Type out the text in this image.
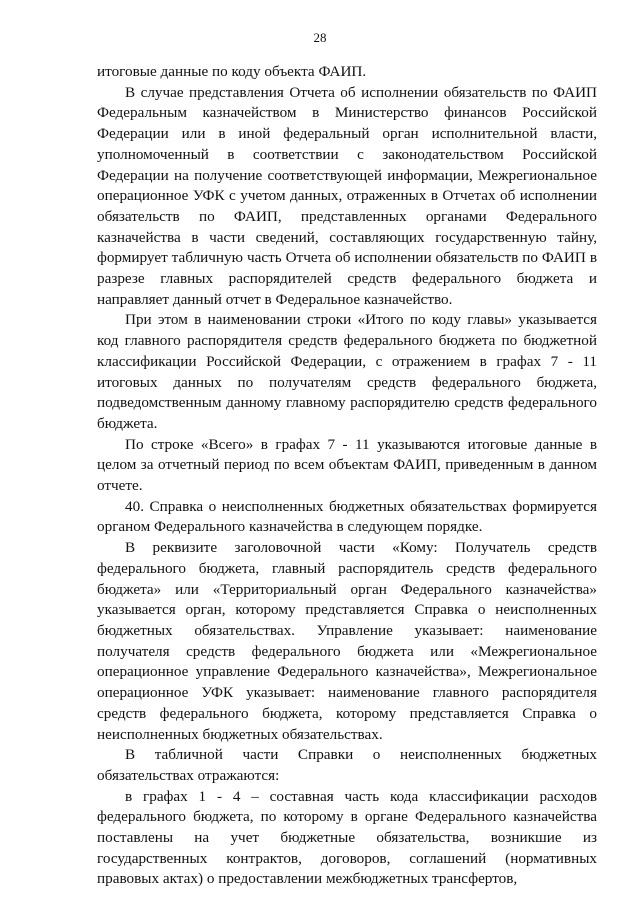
28

итоговые данные по коду объекта ФАИП.

В случае представления Отчета об исполнении обязательств по ФАИП Федеральным казначейством в Министерство финансов Российской Федерации или в иной федеральный орган исполнительной власти, уполномоченный в соответствии с законодательством Российской Федерации на получение соответствующей информации, Межрегиональное операционное УФК с учетом данных, отраженных в Отчетах об исполнении обязательств по ФАИП, представленных органами Федерального казначейства в части сведений, составляющих государственную тайну, формирует табличную часть Отчета об исполнении обязательств по ФАИП в разрезе главных распорядителей средств федерального бюджета и направляет данный отчет в Федеральное казначейство.

При этом в наименовании строки «Итого по коду главы» указывается код главного распорядителя средств федерального бюджета по бюджетной классификации Российской Федерации, с отражением в графах 7 - 11 итоговых данных по получателям средств федерального бюджета, подведомственным данному главному распорядителю средств федерального бюджета.

По строке «Всего» в графах 7 - 11 указываются итоговые данные в целом за отчетный период по всем объектам ФАИП, приведенным в данном отчете.

40. Справка о неисполненных бюджетных обязательствах формируется органом Федерального казначейства в следующем порядке.

В реквизите заголовочной части «Кому: Получатель средств федерального бюджета, главный распорядитель средств федерального бюджета» или «Территориальный орган Федерального казначейства» указывается орган, которому представляется Справка о неисполненных бюджетных обязательствах. Управление указывает: наименование получателя средств федерального бюджета или «Межрегиональное операционное управление Федерального казначейства», Межрегиональное операционное УФК указывает: наименование главного распорядителя средств федерального бюджета, которому представляется Справка о неисполненных бюджетных обязательствах.

В табличной части Справки о неисполненных бюджетных обязательствах отражаются:

в графах 1 - 4 – составная часть кода классификации расходов федерального бюджета, по которому в органе Федерального казначейства поставлены на учет бюджетные обязательства, возникшие из государственных контрактов, договоров, соглашений (нормативных правовых актах) о предоставлении межбюджетных трансфертов,
